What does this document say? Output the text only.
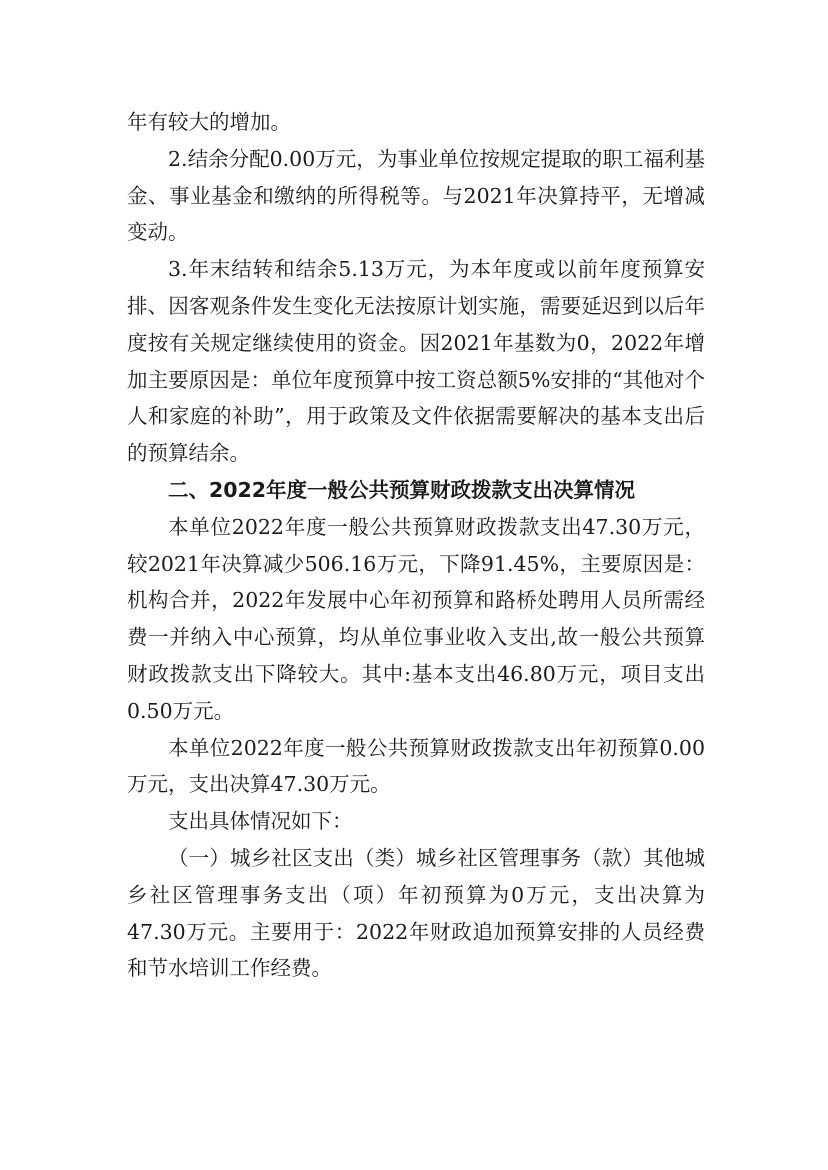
年有较大的增加。

2.结余分配0.00万元，为事业单位按规定提取的职工福利基金、事业基金和缴纳的所得税等。与2021年决算持平，无增减变动。

3.年末结转和结余5.13万元，为本年度或以前年度预算安排、因客观条件发生变化无法按原计划实施，需要延迟到以后年度按有关规定继续使用的资金。因2021年基数为0，2022年增加主要原因是：单位年度预算中按工资总额5%安排的“其他对个人和家庭的补助”，用于政策及文件依据需要解决的基本支出后的预算结余。

二、2022年度一般公共预算财政拨款支出决算情况

本单位2022年度一般公共预算财政拨款支出47.30万元，较2021年决算减少506.16万元，下降91.45%，主要原因是：机构合并，2022年发展中心年初预算和路桥处聘用人员所需经费一并纳入中心预算，均从单位事业收入支出,故一般公共预算财政拨款支出下降较大。其中:基本支出46.80万元，项目支出0.50万元。

本单位2022年度一般公共预算财政拨款支出年初预算0.00万元，支出决算47.30万元。

支出具体情况如下：

（一）城乡社区支出（类）城乡社区管理事务（款）其他城乡社区管理事务支出（项）年初预算为0万元，支出决算为47.30万元。主要用于：2022年财政追加预算安排的人员经费和节水培训工作经费。
